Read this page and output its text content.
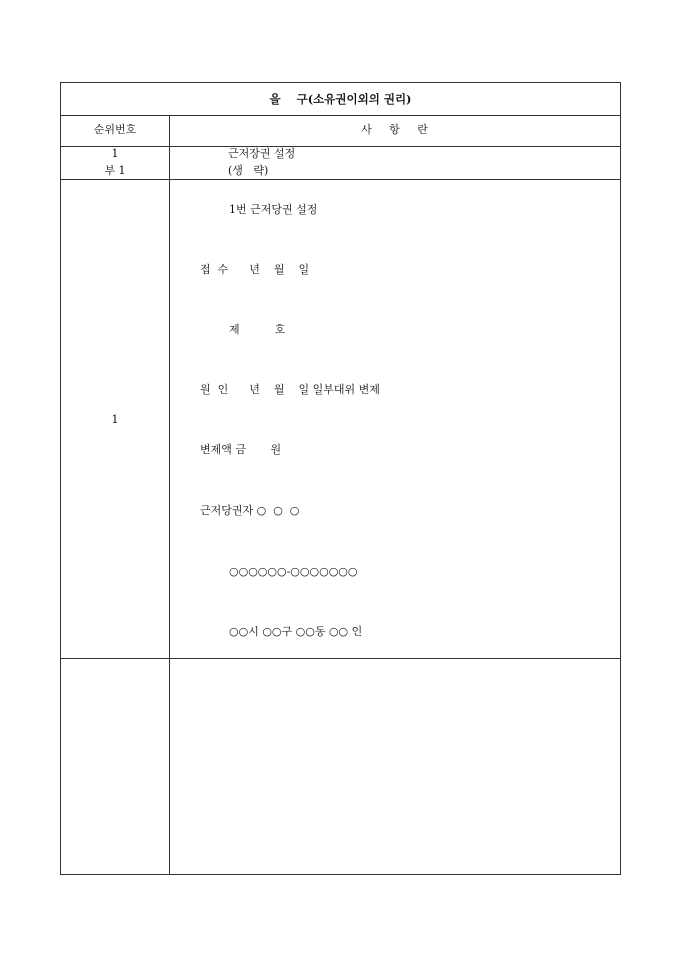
을    구(소유권이외의 권리)
순위번호	사     항     란
1
부 1
근저장권 설정
(생   략)
1
1번 근저당권 설정
접  수      년    월    일
제          호
원  인      년    월    일 일부대위 변제
변제액 금       원
근저당권자 ○  ○  ○
○○○○○○-○○○○○○○
○○시 ○○구 ○○동 ○○ 인
